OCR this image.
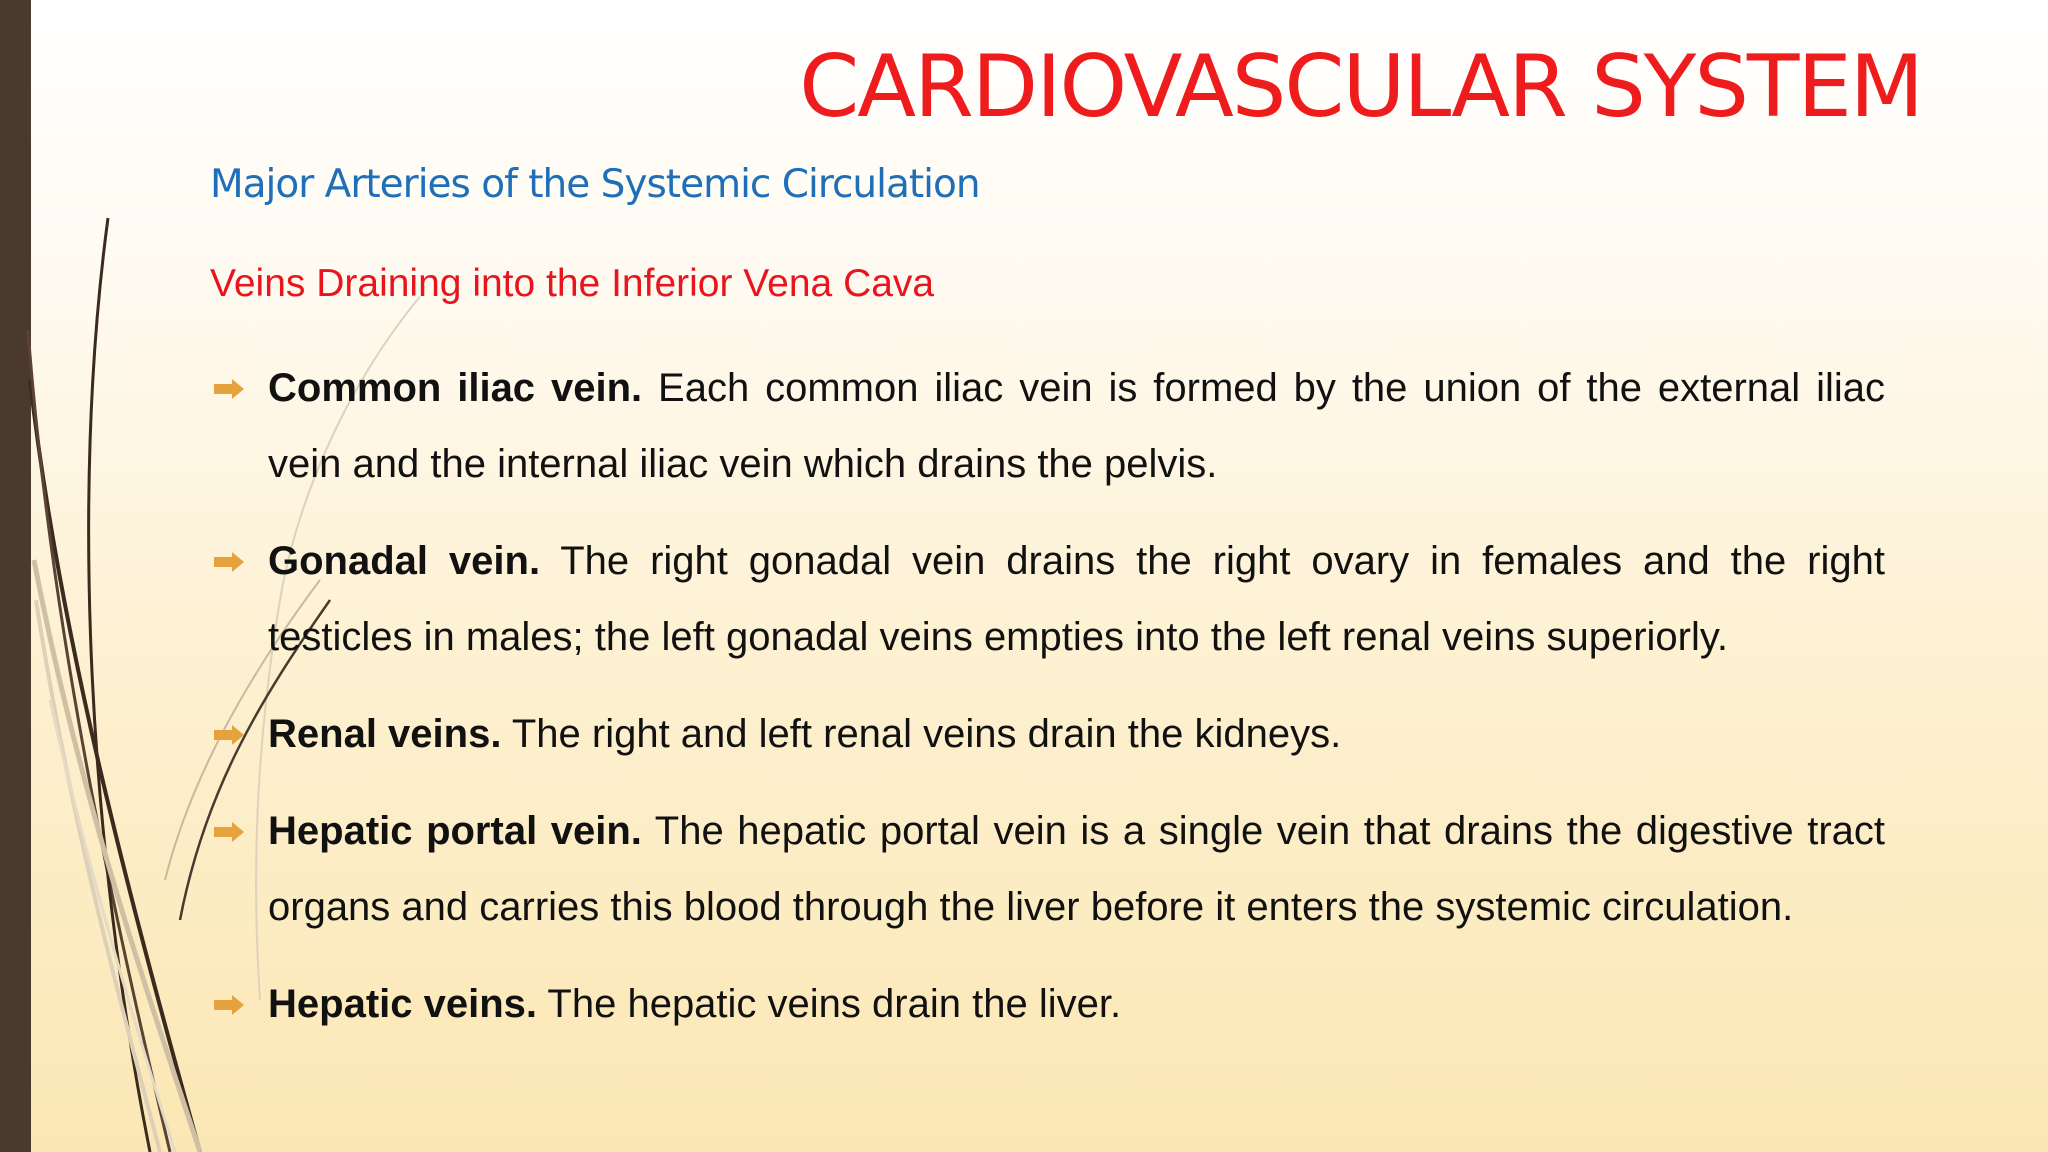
CARDIOVASCULAR SYSTEM
Major Arteries of the Systemic Circulation
Veins Draining into the Inferior Vena Cava
Common iliac vein. Each common iliac vein is formed by the union of the external iliac vein and the internal iliac vein which drains the pelvis.
Gonadal vein. The right gonadal vein drains the right ovary in females and the right testicles in males; the left gonadal veins empties into the left renal veins superiorly.
Renal veins. The right and left renal veins drain the kidneys.
Hepatic portal vein. The hepatic portal vein is a single vein that drains the digestive tract organs and carries this blood through the liver before it enters the systemic circulation.
Hepatic veins. The hepatic veins drain the liver.
